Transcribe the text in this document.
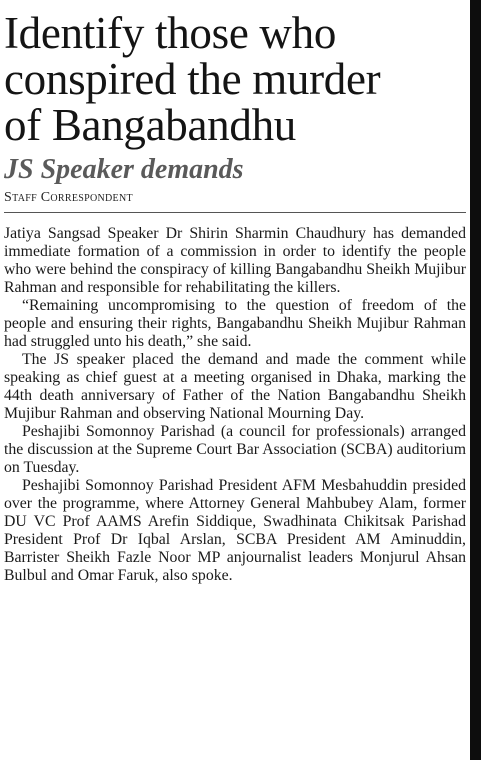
Identify those who
conspired the murder
of Bangabandhu
JS Speaker demands
Staff Correspondent

Jatiya Sangsad Speaker Dr Shirin Sharmin Chaudhury has demanded immediate formation of a commission in order to identify the people who were behind the conspiracy of killing Bangabandhu Sheikh Mujibur Rahman and responsible for rehabilitating the killers.

“Remaining uncompromising to the question of freedom of the people and ensuring their rights, Bangabandhu Sheikh Mujibur Rahman had struggled unto his death,” she said.

The JS speaker placed the demand and made the comment while speaking as chief guest at a meeting organised in Dhaka, marking the 44th death anniversary of Father of the Nation Bangabandhu Sheikh Mujibur Rahman and observing National Mourning Day.

Peshajibi Somonnoy Parishad (a council for professionals) arranged the discussion at the Supreme Court Bar Association (SCBA) auditorium on Tuesday.

Peshajibi Somonnoy Parishad President AFM Mesbahuddin presided over the programme, where Attorney General Mahbubey Alam, former DU VC Prof AAMS Arefin Siddique, Swadhinata Chikitsak Parishad President Prof Dr Iqbal Arslan, SCBA President AM Aminuddin, Barrister Sheikh Fazle Noor MP anjournalist leaders Monjurul Ahsan Bulbul and Omar Faruk, also spoke.
